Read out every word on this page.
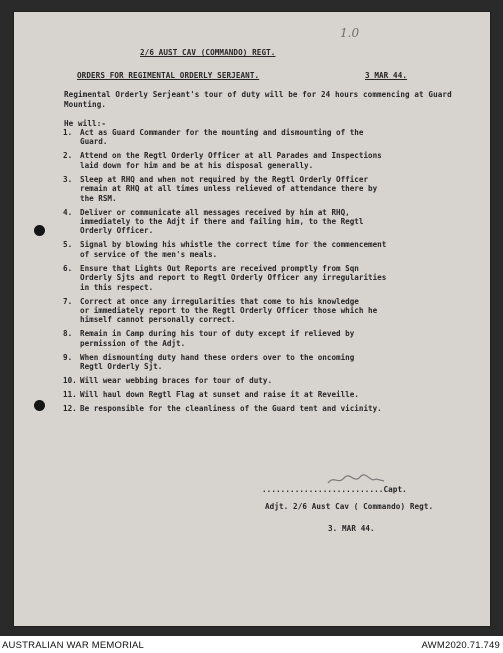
1.0
2/6 AUST CAV (COMMANDO) REGT.
ORDERS FOR REGIMENTAL ORDERLY SERJEANT.	3 MAR 44.
Regimental Orderly Serjeant's tour of duty will be for 24 hours commencing at Guard Mounting.
He will:-
1. Act as Guard Commander for the mounting and dismounting of the
Guard.
2. Attend on the Regtl Orderly Officer at all Parades and Inspections
laid down for him and be at his disposal generally.
3. Sleep at RHQ and when not required by the Regtl Orderly Officer
remain at RHQ at all times unless relieved of attendance there by
the RSM.
4. Deliver or communicate all messages received by him at RHQ,
immediately to the Adjt if there and failing him, to the Regtl
Orderly Officer.
5. Signal by blowing his whistle the correct time for the commencement
of service of the men's meals.
6. Ensure that Lights Out Reports are received promptly from Sqn
Orderly Sjts and report to Regtl Orderly Officer any irregularities
in this respect.
7. Correct at once any irregularities that come to his knowledge
or immediately report to the Regtl Orderly Officer those which he
himself cannot personally correct.
8. Remain in Camp during his tour of duty except if relieved by
permission of the Adjt.
9. When dismounting duty hand these orders over to the oncoming
Regtl Orderly Sjt.
10. Will wear webbing braces for tour of duty.
11. Will haul down Regtl Flag at sunset and raise it at Reveille.
12. Be responsible for the cleanliness of the Guard tent and vicinity.
..........................Capt.
Adjt. 2/6 Aust Cav ( Commando) Regt.
3. MAR 44.
AUSTRALIAN WAR MEMORIAL	AWM2020.71.749
